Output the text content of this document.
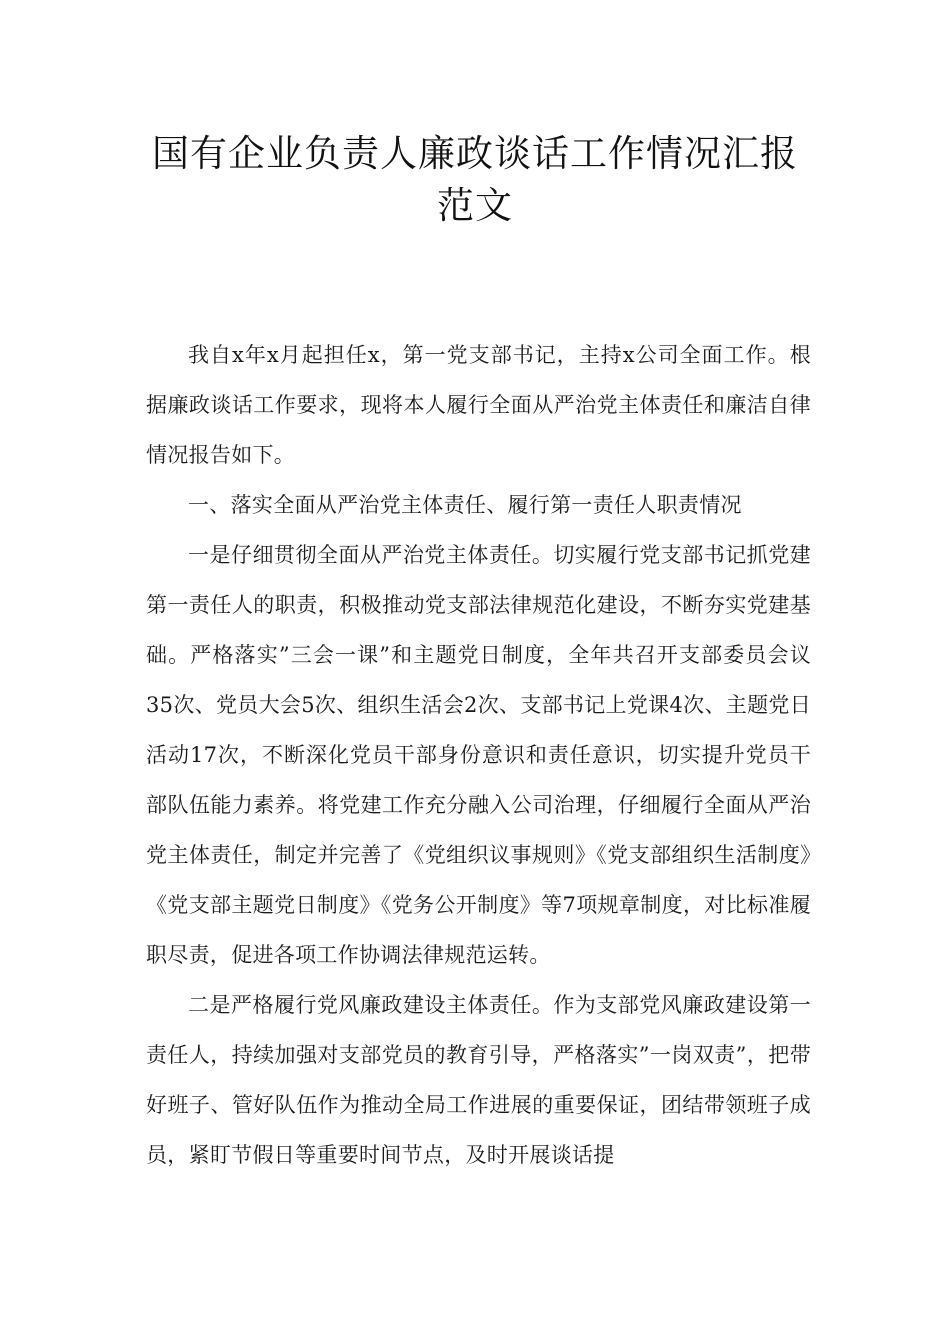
国有企业负责人廉政谈话工作情况汇报
范文

我自x年x月起担任x，第一党支部书记，主持x公司全面工作。根据廉政谈话工作要求，现将本人履行全面从严治党主体责任和廉洁自律情况报告如下。

一、落实全面从严治党主体责任、履行第一责任人职责情况

一是仔细贯彻全面从严治党主体责任。切实履行党支部书记抓党建第一责任人的职责，积极推动党支部法律规范化建设，不断夯实党建基础。严格落实”三会一课”和主题党日制度，全年共召开支部委员会议35次、党员大会5次、组织生活会2次、支部书记上党课4次、主题党日活动17次，不断深化党员干部身份意识和责任意识，切实提升党员干部队伍能力素养。将党建工作充分融入公司治理，仔细履行全面从严治党主体责任，制定并完善了《党组织议事规则》《党支部组织生活制度》《党支部主题党日制度》《党务公开制度》等7项规章制度，对比标准履职尽责，促进各项工作协调法律规范运转。

二是严格履行党风廉政建设主体责任。作为支部党风廉政建设第一责任人，持续加强对支部党员的教育引导，严格落实”一岗双责”，把带好班子、管好队伍作为推动全局工作进展的重要保证，团结带领班子成员，紧盯节假日等重要时间节点，及时开展谈话提
